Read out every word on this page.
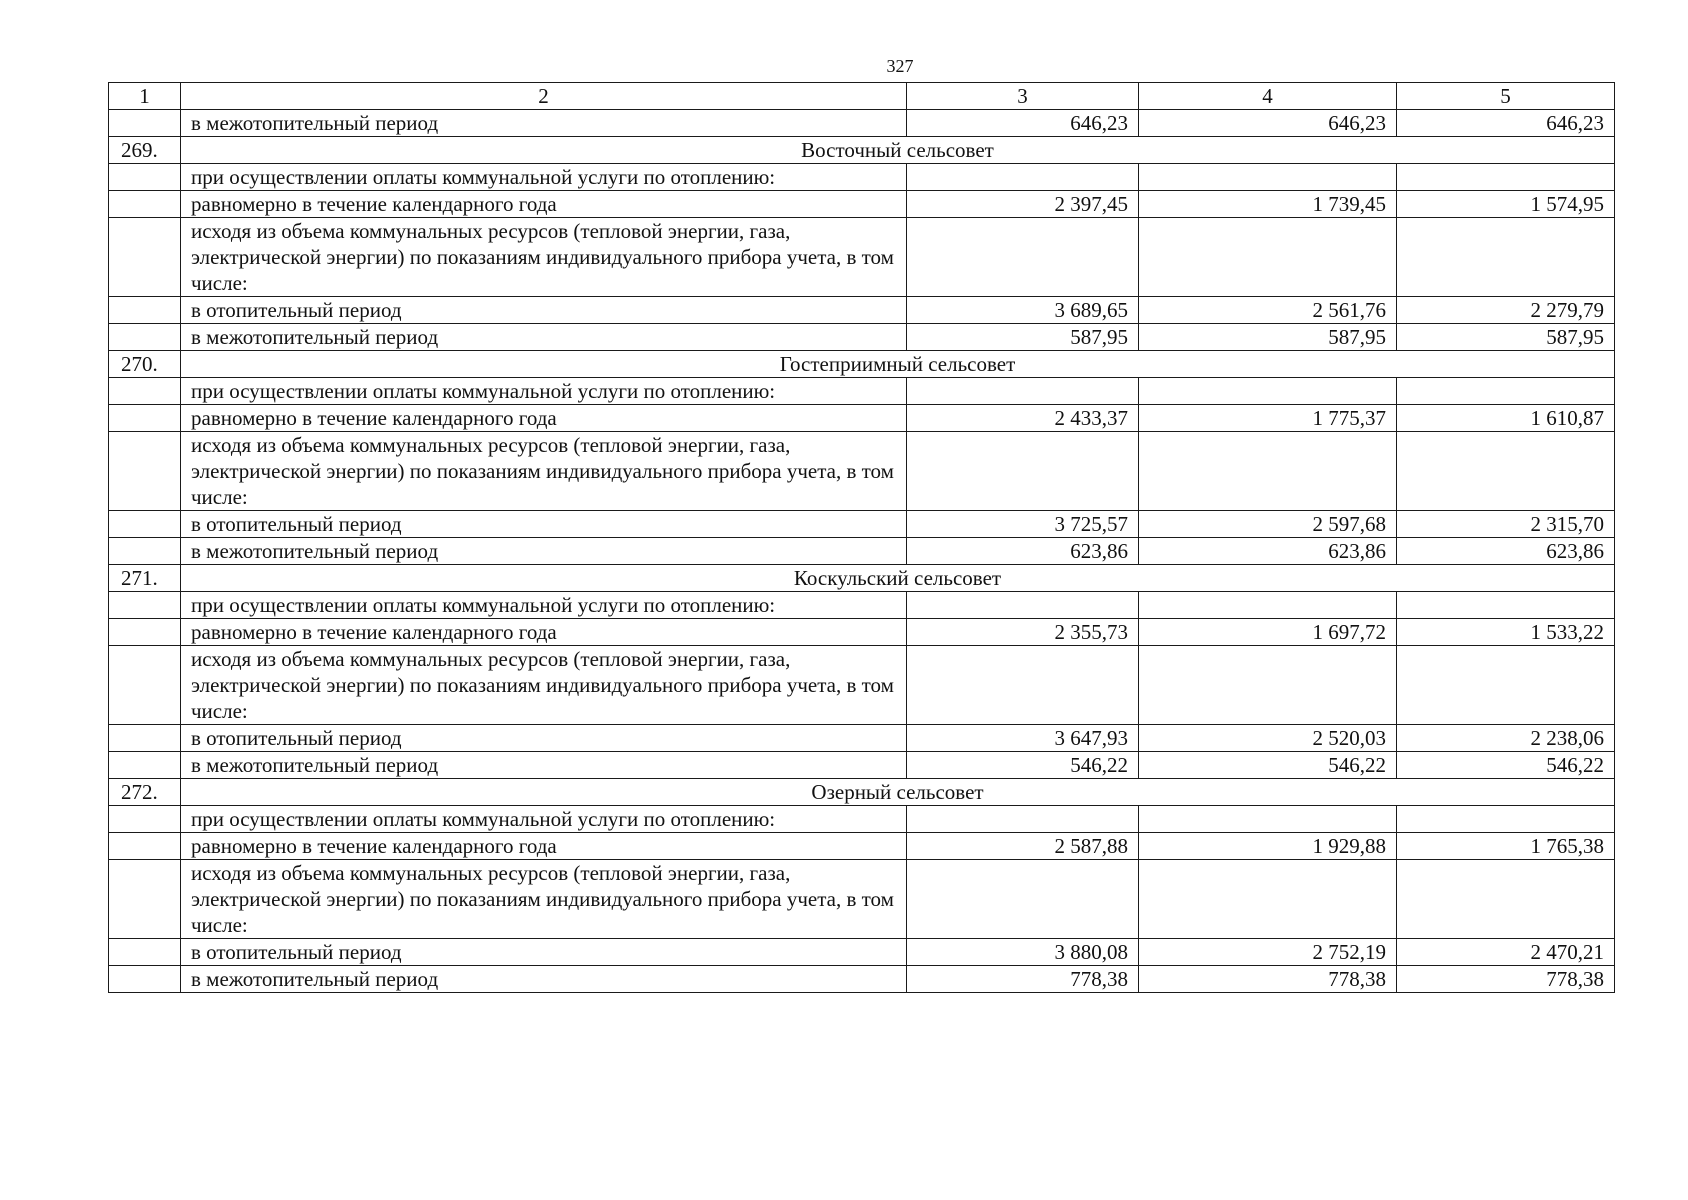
327
1	2	3	4	5
	в межотопительный период	646,23	646,23	646,23
269.	Восточный сельсовет			
	при осуществлении оплаты коммунальной услуги по отоплению:			
	равномерно в течение календарного года	2 397,45	1 739,45	1 574,95
	исходя из объема коммунальных ресурсов (тепловой энергии, газа, электрической энергии) по показаниям индивидуального прибора учета, в том числе:			
	в отопительный период	3 689,65	2 561,76	2 279,79
	в межотопительный период	587,95	587,95	587,95
270.	Гостеприимный сельсовет			
	при осуществлении оплаты коммунальной услуги по отоплению:			
	равномерно в течение календарного года	2 433,37	1 775,37	1 610,87
	исходя из объема коммунальных ресурсов (тепловой энергии, газа, электрической энергии) по показаниям индивидуального прибора учета, в том числе:			
	в отопительный период	3 725,57	2 597,68	2 315,70
	в межотопительный период	623,86	623,86	623,86
271.	Коскульский сельсовет			
	при осуществлении оплаты коммунальной услуги по отоплению:			
	равномерно в течение календарного года	2 355,73	1 697,72	1 533,22
	исходя из объема коммунальных ресурсов (тепловой энергии, газа, электрической энергии) по показаниям индивидуального прибора учета, в том числе:			
	в отопительный период	3 647,93	2 520,03	2 238,06
	в межотопительный период	546,22	546,22	546,22
272.	Озерный сельсовет			
	при осуществлении оплаты коммунальной услуги по отоплению:			
	равномерно в течение календарного года	2 587,88	1 929,88	1 765,38
	исходя из объема коммунальных ресурсов (тепловой энергии, газа, электрической энергии) по показаниям индивидуального прибора учета, в том числе:			
	в отопительный период	3 880,08	2 752,19	2 470,21
	в межотопительный период	778,38	778,38	778,38
